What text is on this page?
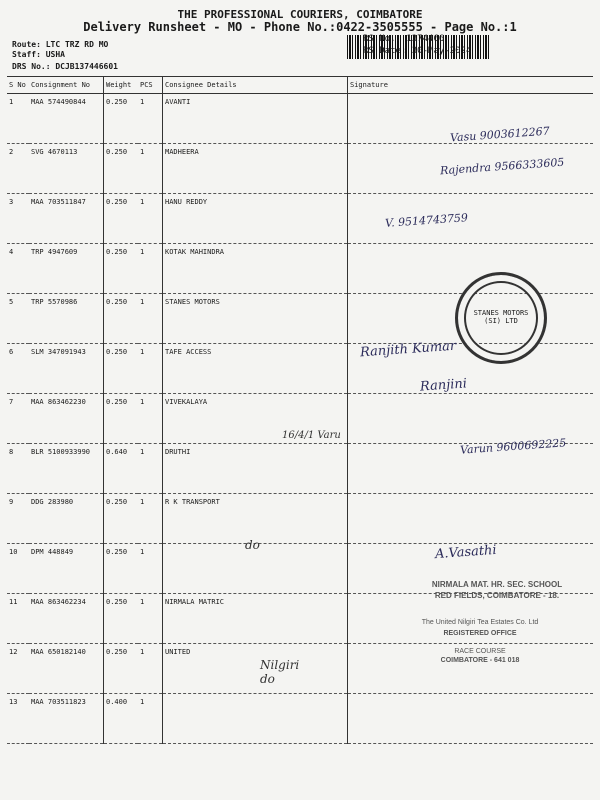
THE PROFESSIONAL COURIERS, COIMBATORE
Delivery Runsheet - MO - Phone No.:0422-3505555 - Page No.:1
Route: LTC TRZ RD MO
Staff: USHA
DRS No.: DCJB137446601
RS No.: 1374466
RS Date: 30-May-2024
S No	Consignment No	Weight	PCS	Consignee Details	Signature
1	MAA 574490844	0.250	1	AVANTI	
2	SVG 4670113	0.250	1	MADHEERA	
3	MAA 703511847	0.250	1	HANU REDDY	
4	TRP 4947609	0.250	1	KOTAK MAHINDRA	
5	TRP 5570986	0.250	1	STANES MOTORS	
6	SLM 347091943	0.250	1	TAFE ACCESS	
7	MAA 863462230	0.250	1	VIVEKALAYA	
8	BLR 5100933990	0.640	1	DRUTHI	
9	DDG 283980	0.250	1	R K TRANSPORT	
10	DPM 448849	0.250	1		
11	MAA 863462234	0.250	1	NIRMALA MATRIC	
12	MAA 650182140	0.250	1	UNITED	
13	MAA 703511823	0.400	1		
Vasu 9003612267
Rajendra 9566333605
V. 9514743759
Ranjith Kumar
Ranjini
16/4/1 Varu
Varun 9600692225
do	A.Vasathi
Nilgiri do
STANES MOTORS (SI) LTD
NIRMALA MAT. HR. SEC. SCHOOL
RED FIELDS, COIMBATORE - 18.
The United Nilgiri Tea Estates Co. Ltd
REGISTERED OFFICE
RACE COURSE
COIMBATORE - 641 018
